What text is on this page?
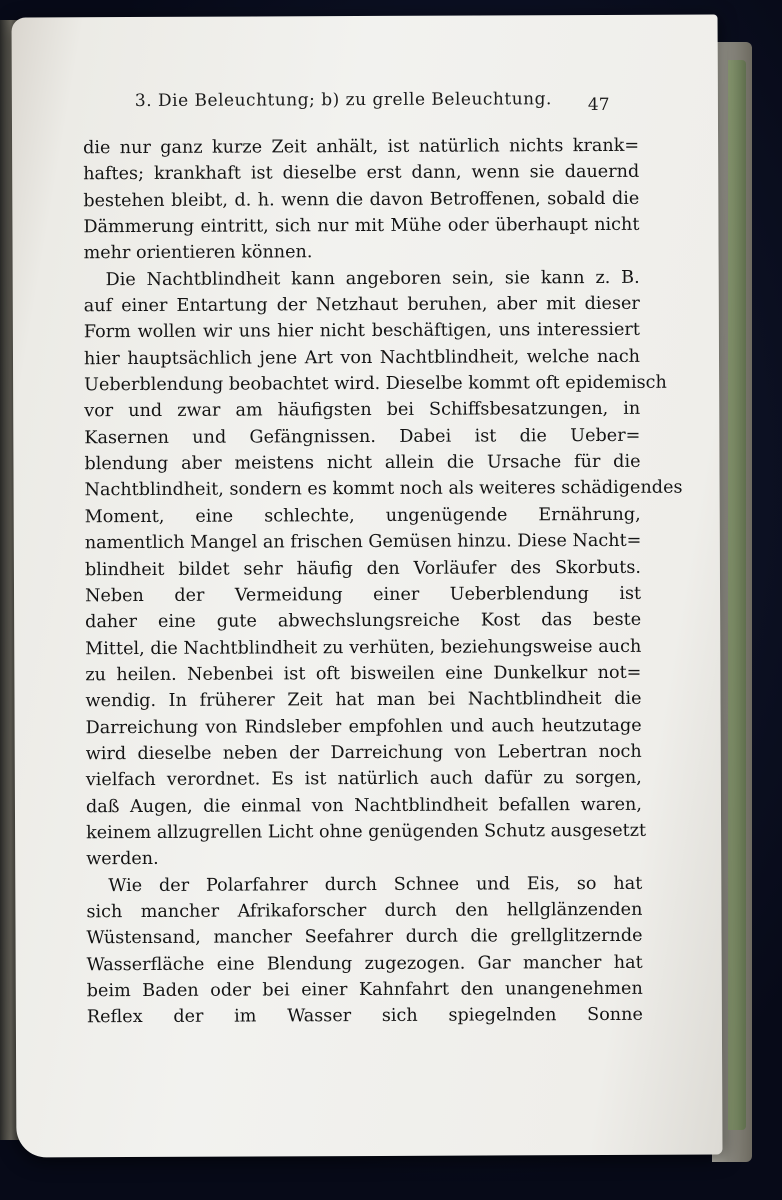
3. Die Beleuchtung; b) zu grelle Beleuchtung.	47
die nur ganz kurze Zeit anhält, ist natürlich nichts krank=
haftes; krankhaft ist dieselbe erst dann, wenn sie dauernd
bestehen bleibt, d. h. wenn die davon Betroffenen, sobald die
Dämmerung eintritt, sich nur mit Mühe oder überhaupt nicht
mehr orientieren können.
Die Nachtblindheit kann angeboren sein, sie kann z. B.
auf einer Entartung der Netzhaut beruhen, aber mit dieser
Form wollen wir uns hier nicht beschäftigen, uns interessiert
hier hauptsächlich jene Art von Nachtblindheit, welche nach
Ueberblendung beobachtet wird. Dieselbe kommt oft epidemisch
vor und zwar am häufigsten bei Schiffsbesatzungen, in
Kasernen und Gefängnissen. Dabei ist die Ueber=
blendung aber meistens nicht allein die Ursache für die
Nachtblindheit, sondern es kommt noch als weiteres schädigendes
Moment, eine schlechte, ungenügende Ernährung,
namentlich Mangel an frischen Gemüsen hinzu. Diese Nacht=
blindheit bildet sehr häufig den Vorläufer des Skorbuts.
Neben der Vermeidung einer Ueberblendung ist
daher eine gute abwechslungsreiche Kost das beste
Mittel, die Nachtblindheit zu verhüten, beziehungsweise auch
zu heilen. Nebenbei ist oft bisweilen eine Dunkelkur not=
wendig. In früherer Zeit hat man bei Nachtblindheit die
Darreichung von Rindsleber empfohlen und auch heutzutage
wird dieselbe neben der Darreichung von Lebertran noch
vielfach verordnet. Es ist natürlich auch dafür zu sorgen,
daß Augen, die einmal von Nachtblindheit befallen waren,
keinem allzugrellen Licht ohne genügenden Schutz ausgesetzt
werden.
Wie der Polarfahrer durch Schnee und Eis, so hat
sich mancher Afrikaforscher durch den hellglänzenden
Wüstensand, mancher Seefahrer durch die grellglitzernde
Wasserfläche eine Blendung zugezogen. Gar mancher hat
beim Baden oder bei einer Kahnfahrt den unangenehmen
Reflex der im Wasser sich spiegelnden Sonne
